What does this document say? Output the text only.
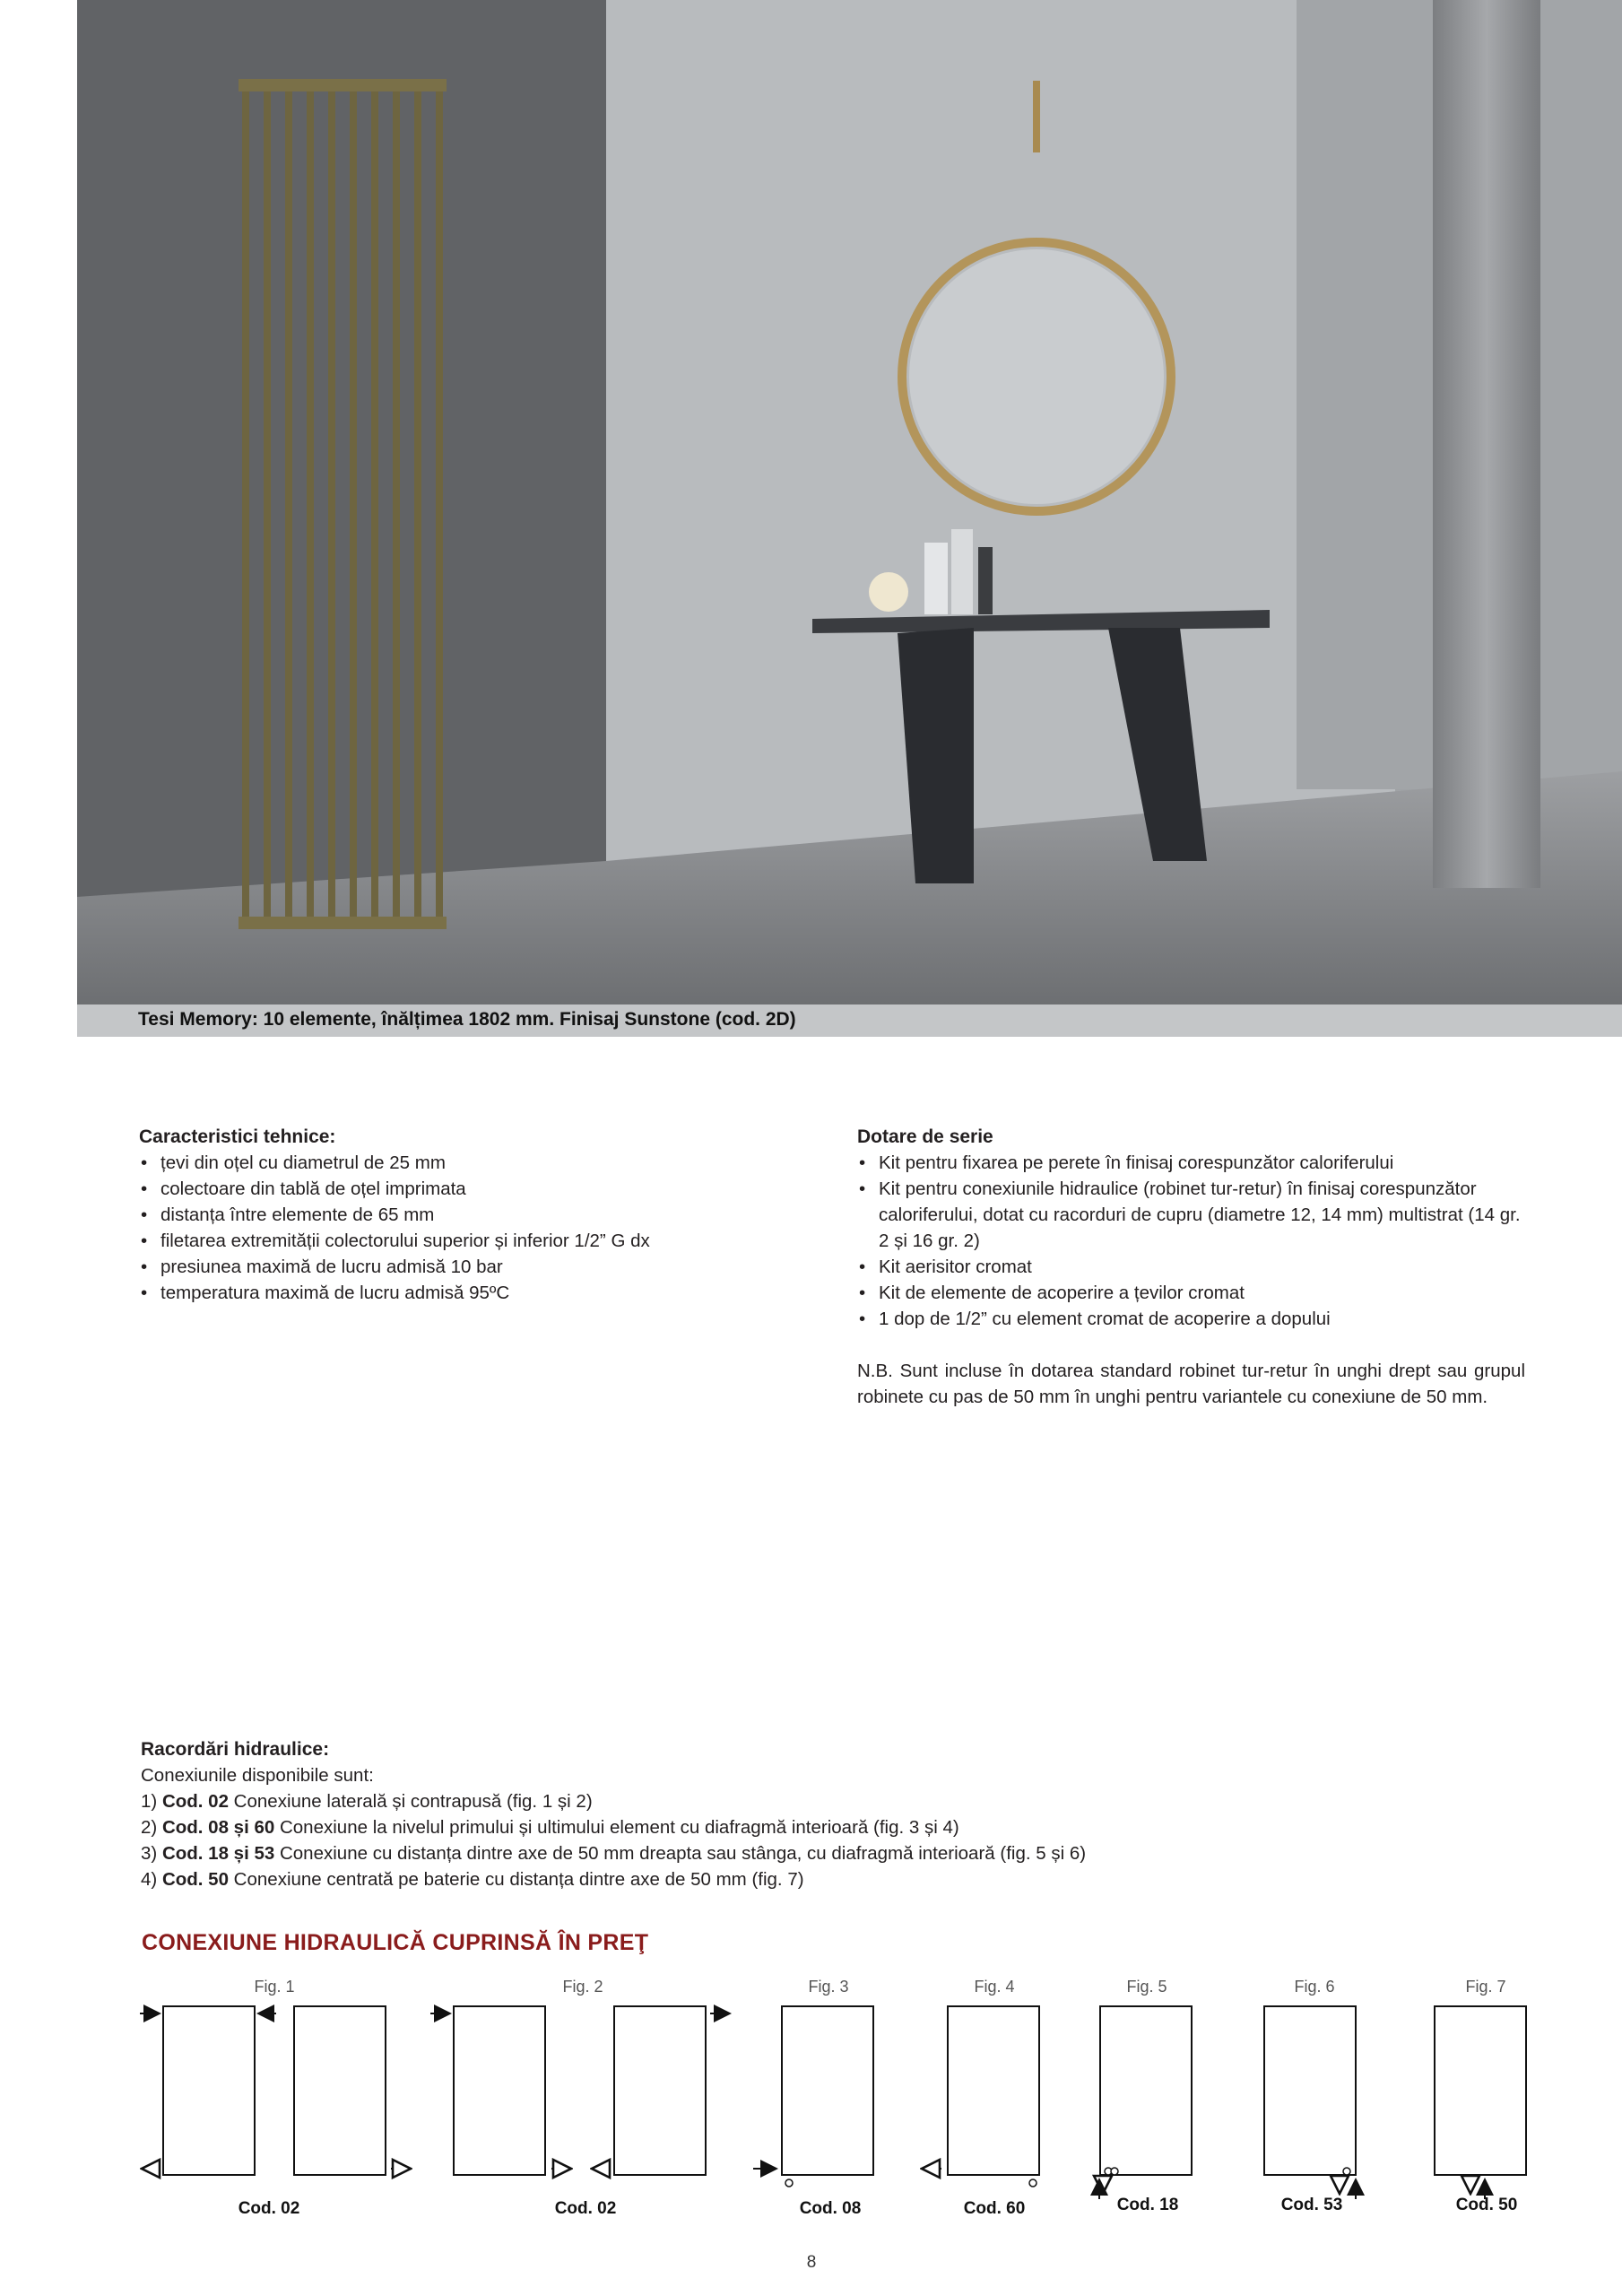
Tesi Memory: 10 elemente, înălțimea 1802 mm. Finisaj Sunstone (cod. 2D)
Caracteristici tehnice:
• țevi din oțel cu diametrul de 25 mm
• colectoare din tablă de oțel imprimata
• distanța între elemente de 65 mm
• filetarea extremității colectorului superior și inferior 1/2” G dx
• presiunea maximă de lucru admisă 10 bar
• temperatura maximă de lucru admisă 95ºC
Dotare de serie
• Kit pentru fixarea pe perete în finisaj corespunzător caloriferului
• Kit pentru conexiunile hidraulice (robinet tur-retur) în finisaj corespunzător caloriferului, dotat cu racorduri de cupru (diametre 12, 14 mm) multistrat (14 gr. 2 și 16 gr. 2)
• Kit aerisitor cromat
• Kit de elemente de acoperire a țevilor cromat
• 1 dop de 1/2” cu element cromat de acoperire a dopului

N.B. Sunt incluse în dotarea standard robinet tur-retur în unghi drept sau grupul robinete cu pas de 50 mm în unghi pentru variantele cu conexiune de 50 mm.

Racordări hidraulice:

Conexiunile disponibile sunt:

1) Cod. 02 Conexiune laterală și contrapusă (fig. 1 și 2)

2) Cod. 08 și 60 Conexiune la nivelul primului și ultimului element cu diafragmă interioară (fig. 3 și 4)

3) Cod. 18 și 53 Conexiune cu distanța dintre axe de 50 mm dreapta sau stânga, cu diafragmă interioară (fig. 5 și 6)

4) Cod. 50 Conexiune centrată pe baterie cu distanța dintre axe de 50 mm (fig. 7)

CONEXIUNE HIDRAULICĂ CUPRINSĂ ÎN PREŢ
Fig. 1	Fig. 2	Fig. 3	Fig. 4	Fig. 5	Fig. 6	Fig. 7
Cod. 02	Cod. 02	Cod. 08	Cod. 60	Cod. 18	Cod. 53	Cod. 50
8
